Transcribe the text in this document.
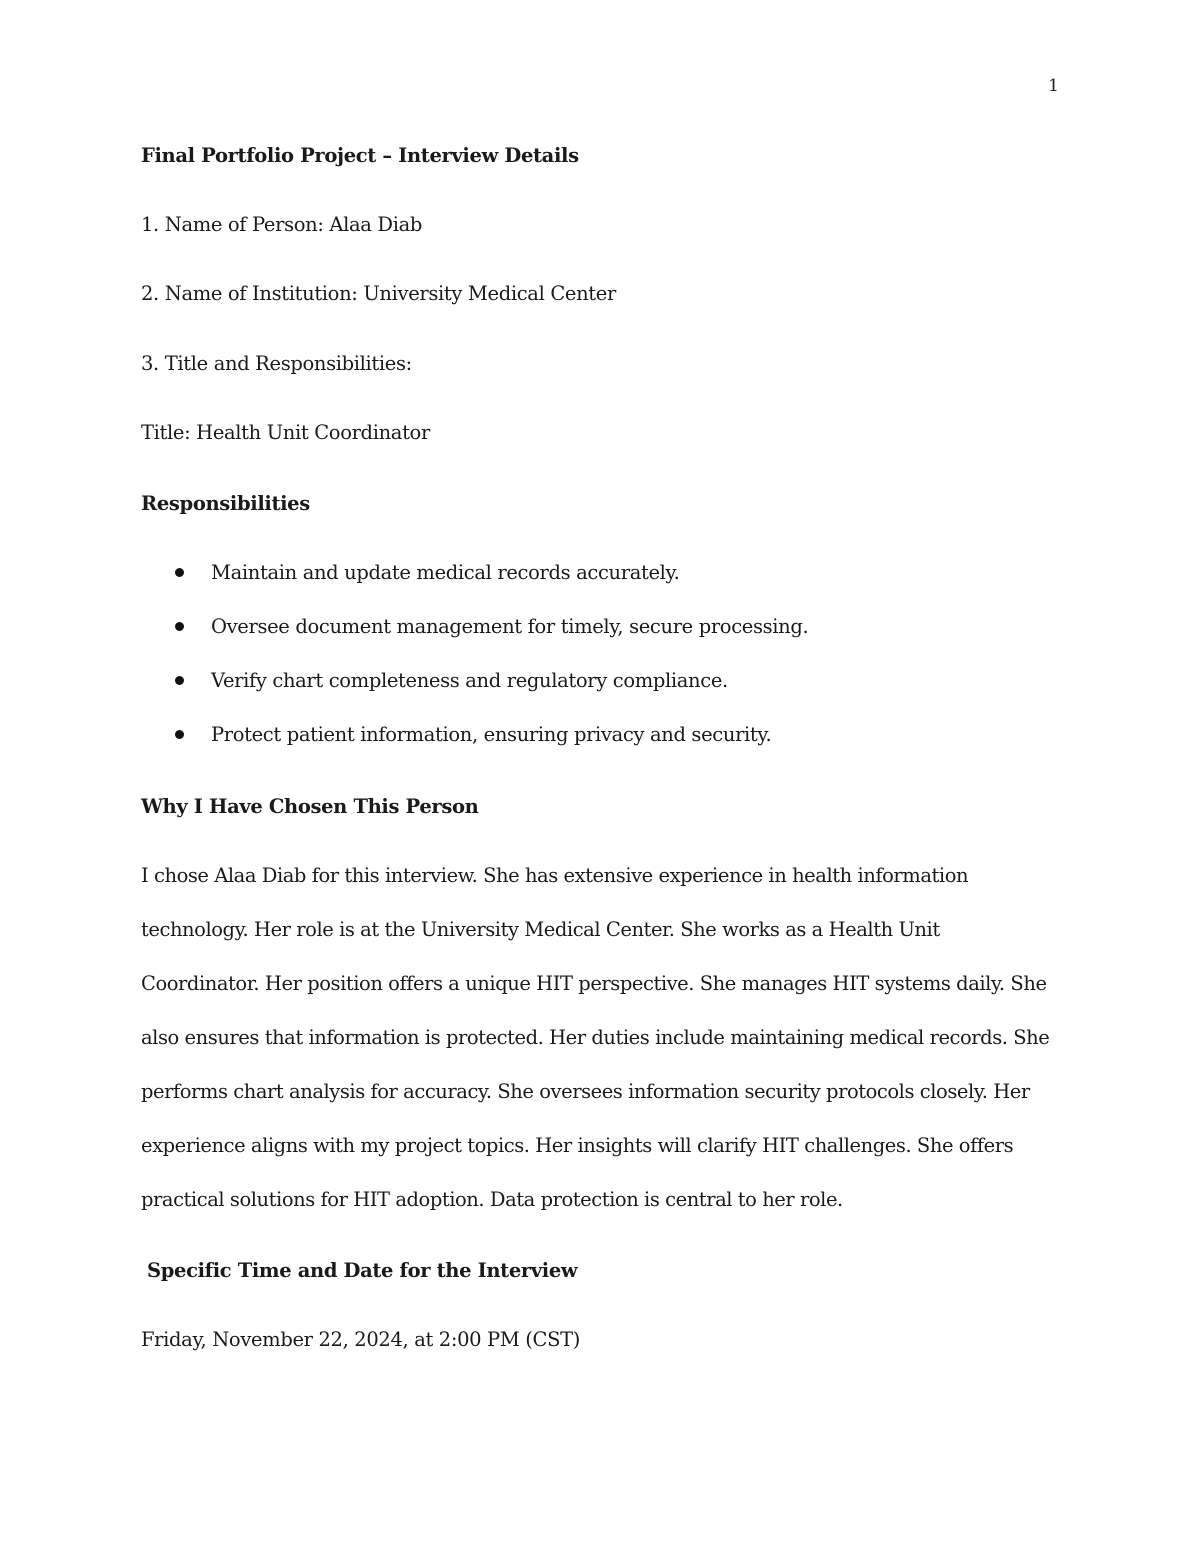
1
Final Portfolio Project – Interview Details
1. Name of Person: Alaa Diab
2. Name of Institution: University Medical Center
3. Title and Responsibilities:
Title: Health Unit Coordinator
Responsibilities
Maintain and update medical records accurately.
Oversee document management for timely, secure processing.
Verify chart completeness and regulatory compliance.
Protect patient information, ensuring privacy and security.
Why I Have Chosen This Person
I chose Alaa Diab for this interview. She has extensive experience in health information
technology. Her role is at the University Medical Center. She works as a Health Unit
Coordinator. Her position offers a unique HIT perspective. She manages HIT systems daily. She
also ensures that information is protected. Her duties include maintaining medical records. She
performs chart analysis for accuracy. She oversees information security protocols closely. Her
experience aligns with my project topics. Her insights will clarify HIT challenges. She offers
practical solutions for HIT adoption. Data protection is central to her role.
Specific Time and Date for the Interview
Friday, November 22, 2024, at 2:00 PM (CST)
